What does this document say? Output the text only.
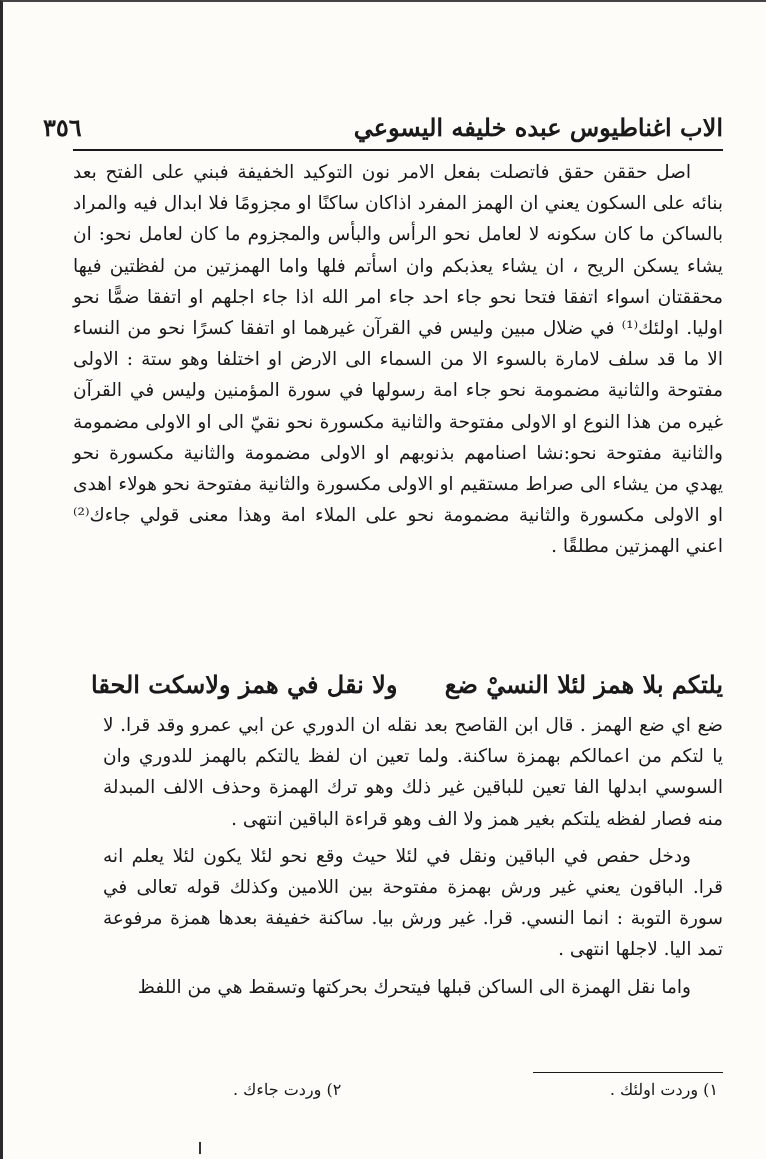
الاب اغناطيوس عبده خليفه اليسوعي
٣٥٦

اصل حققن حقق فاتصلت بفعل الامر نون التوكيد الخفيفة فبني على الفتح بعد بنائه على السكون يعني ان الهمز المفرد اذاكان ساكنًا او مجزومًا فلا ابدال فيه والمراد بالساكن ما كان سكونه لا لعامل نحو الرأس والبأس والمجزوم ما كان لعامل نحو: ان يشاء يسكن الريح ، ان يشاء يعذبكم وان اسأتم فلها واما الهمزتين من لفظتين فيها محققتان اسواء اتفقا فتحا نحو جاء احد جاء امر الله اذا جاء اجلهم او اتفقا ضمًّا نحو اوليا. اولئك⁽¹⁾ في ضلال مبين وليس في القرآن غيرهما او اتفقا كسرًا نحو من النساء الا ما قد سلف لامارة بالسوء الا من السماء الى الارض او اختلفا وهو ستة : الاولى مفتوحة والثانية مضمومة نحو جاء امة رسولها في سورة المؤمنين وليس في القرآن غيره من هذا النوع او الاولى مفتوحة والثانية مكسورة نحو نقيّ الى او الاولى مضمومة والثانية مفتوحة نحو:نشا اصنامهم بذنوبهم او الاولى مضمومة والثانية مكسورة نحو يهدي من يشاء الى صراط مستقيم او الاولى مكسورة والثانية مفتوحة نحو هولاء اهدى او الاولى مكسورة والثانية مضمومة نحو على الملاء امة وهذا معنى قولي جاءك⁽²⁾ اعني الهمزتين مطلقًا .

يلتكم بلا همز لئلا النسيْ ضع
ولا نقل في همز ولاسكت الحقا

ضع اي ضع الهمز . قال ابن القاصح بعد نقله ان الدوري عن ابي عمرو وقد قرا. لا يا لتكم من اعمالكم بهمزة ساكنة. ولما تعين ان لفظ يالتكم بالهمز للدوري وان السوسي ابدلها الفا تعين للباقين غير ذلك وهو ترك الهمزة وحذف الالف المبدلة منه فصار لفظه يلتكم بغير همز ولا الف وهو قراءة الباقين انتهى .

ودخل حفص في الباقين ونقل في لئلا حيث وقع نحو لئلا يكون لئلا يعلم انه قرا. الباقون يعني غير ورش بهمزة مفتوحة بين اللامين وكذلك قوله تعالى في سورة التوبة : انما النسي. قرا. غير ورش بيا. ساكنة خفيفة بعدها همزة مرفوعة تمد اليا. لاجلها انتهى .

واما نقل الهمزة الى الساكن قبلها فيتحرك بحركتها وتسقط هي من اللفظ

١) وردت اولئك .
٢) وردت جاءك .
